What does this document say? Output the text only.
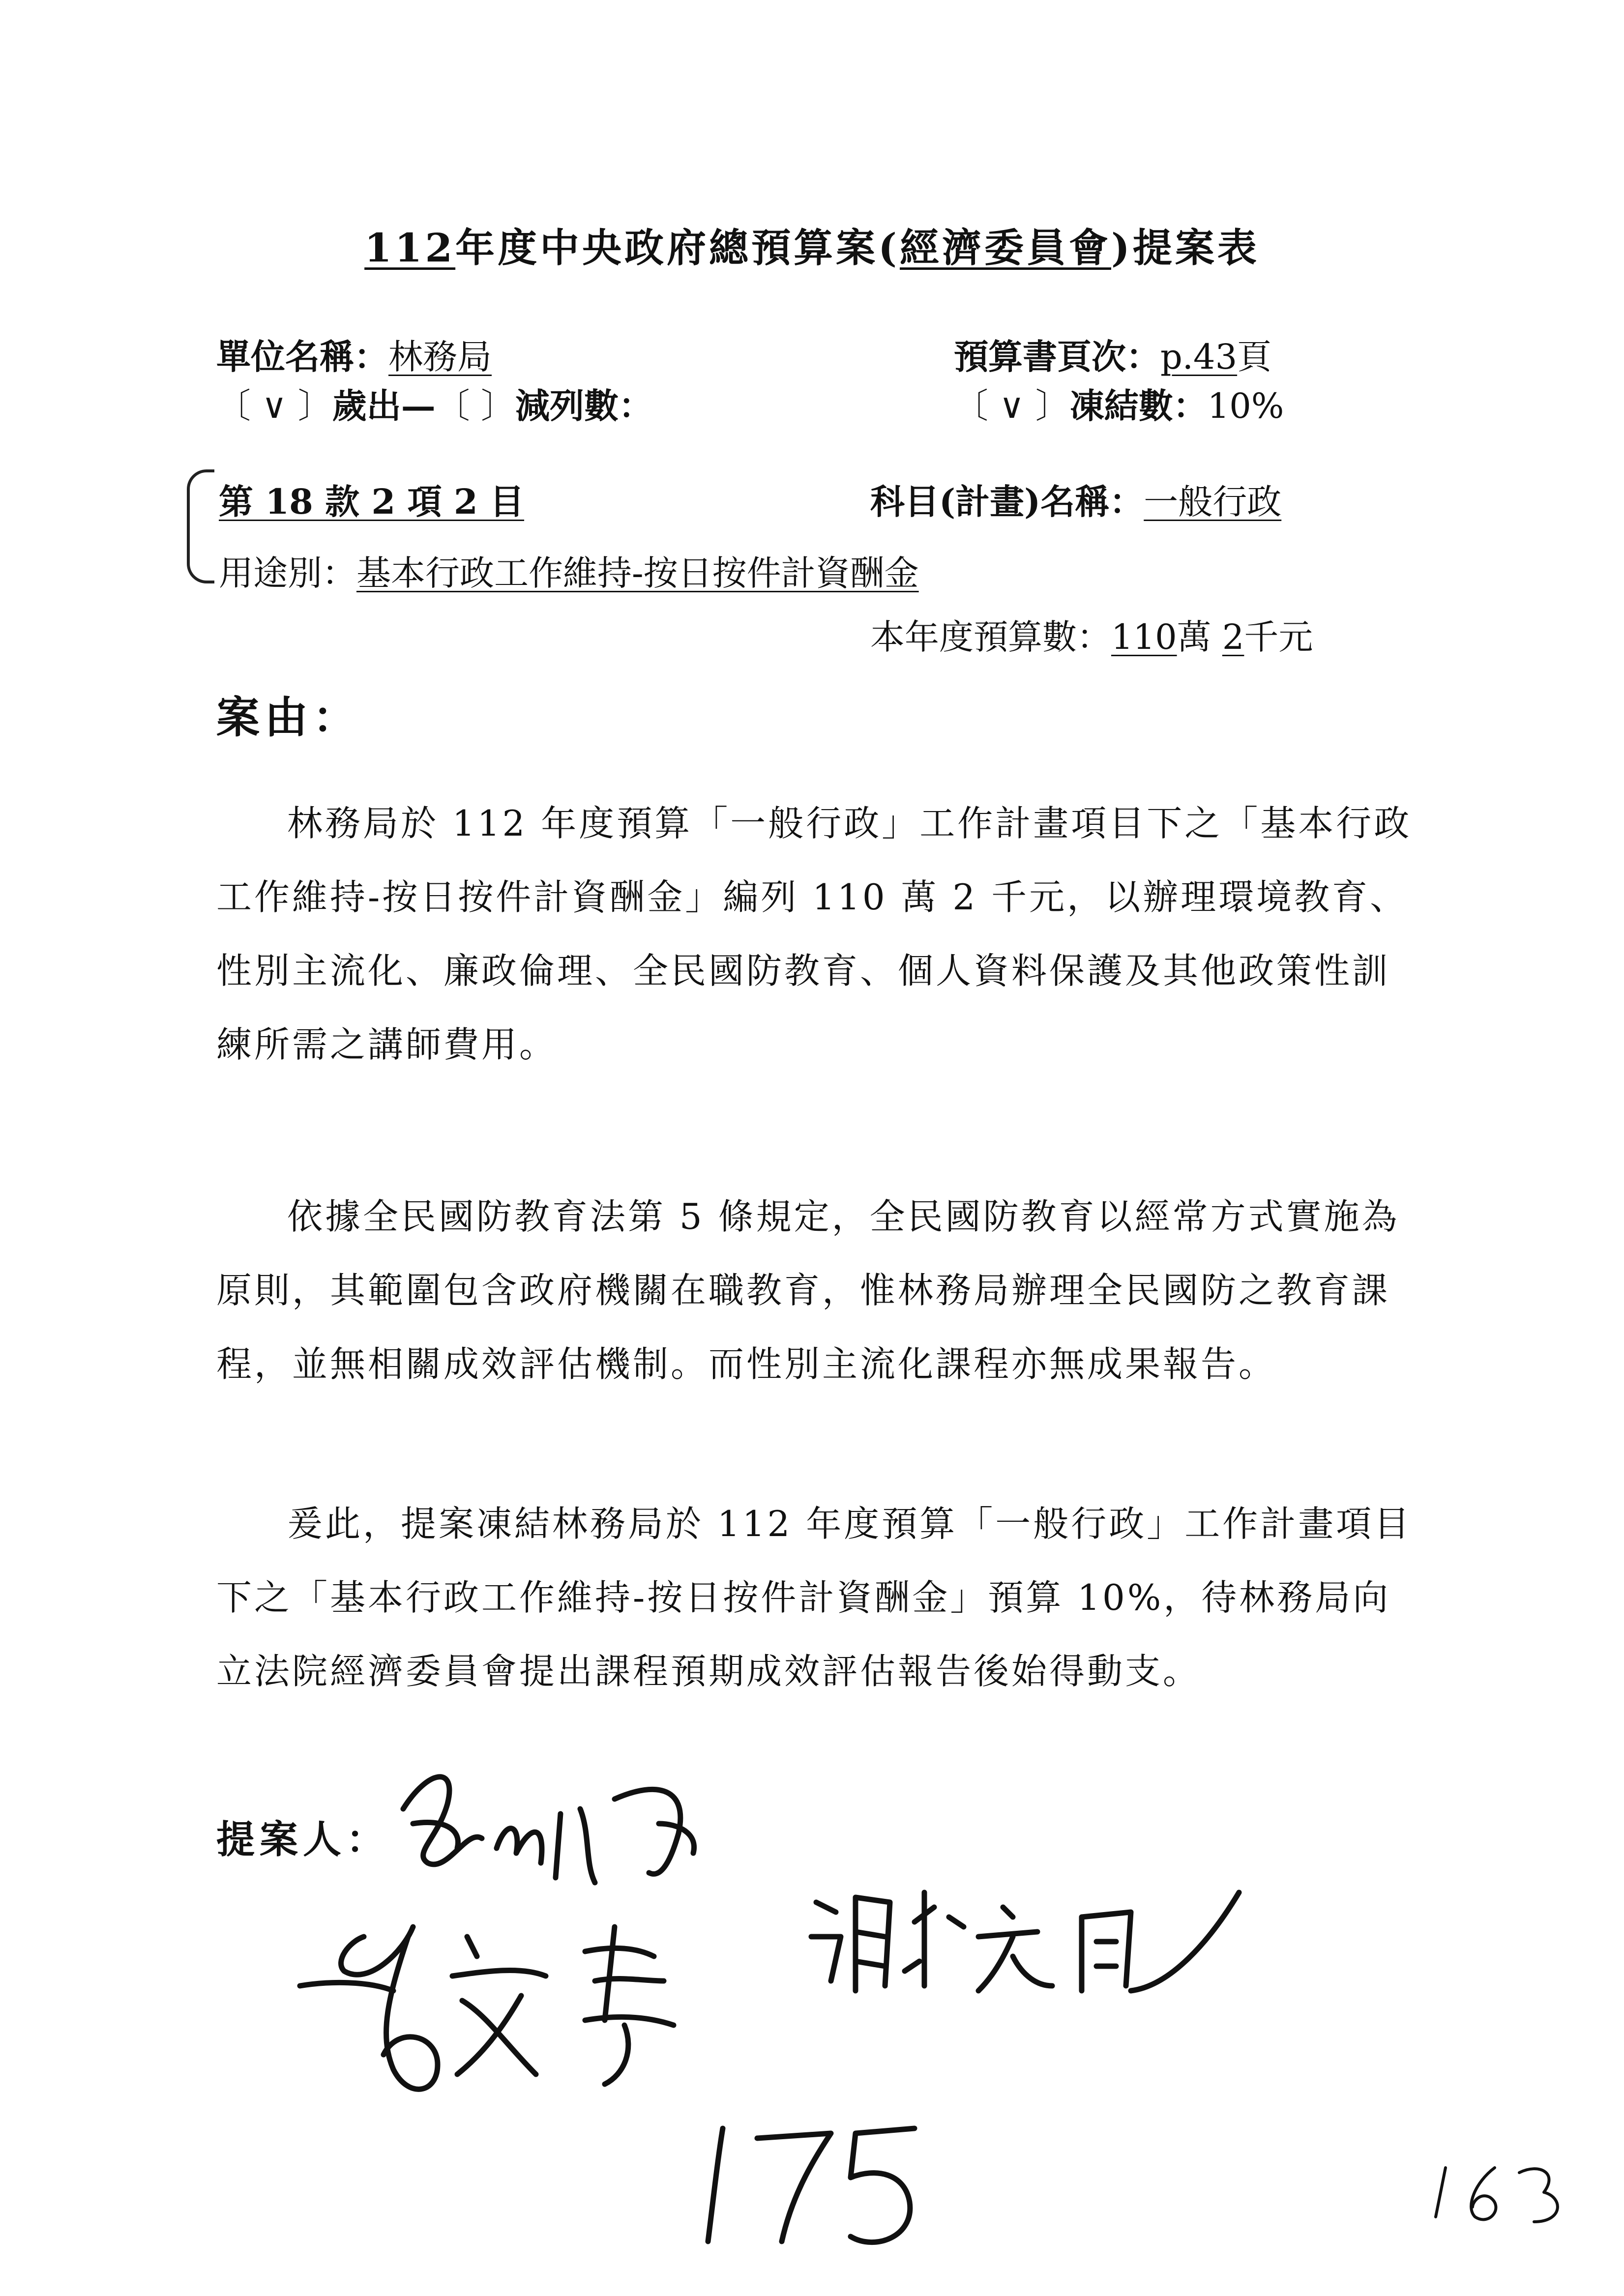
112年度中央政府總預算案(經濟委員會)提案表
單位名稱：林務局	預算書頁次：p.43頁
〔 ∨ 〕歲出—〔 〕減列數：	〔 ∨ 〕凍結數：10%
第 18 款 2 項 2 目	科目(計畫)名稱：一般行政
用途別：基本行政工作維持-按日按件計資酬金
本年度預算數：110萬 2千元
案由：
林務局於 112 年度預算「一般行政」工作計畫項目下之「基本行政工作維持-按日按件計資酬金」編列 110 萬 2 千元，以辦理環境教育、性別主流化、廉政倫理、全民國防教育、個人資料保護及其他政策性訓練所需之講師費用。
依據全民國防教育法第 5 條規定，全民國防教育以經常方式實施為原則，其範圍包含政府機關在職教育，惟林務局辦理全民國防之教育課程，並無相關成效評估機制。而性別主流化課程亦無成果報告。
爰此，提案凍結林務局於 112 年度預算「一般行政」工作計畫項目下之「基本行政工作維持-按日按件計資酬金」預算 10%，待林務局向立法院經濟委員會提出課程預期成效評估報告後始得動支。
提案人：
